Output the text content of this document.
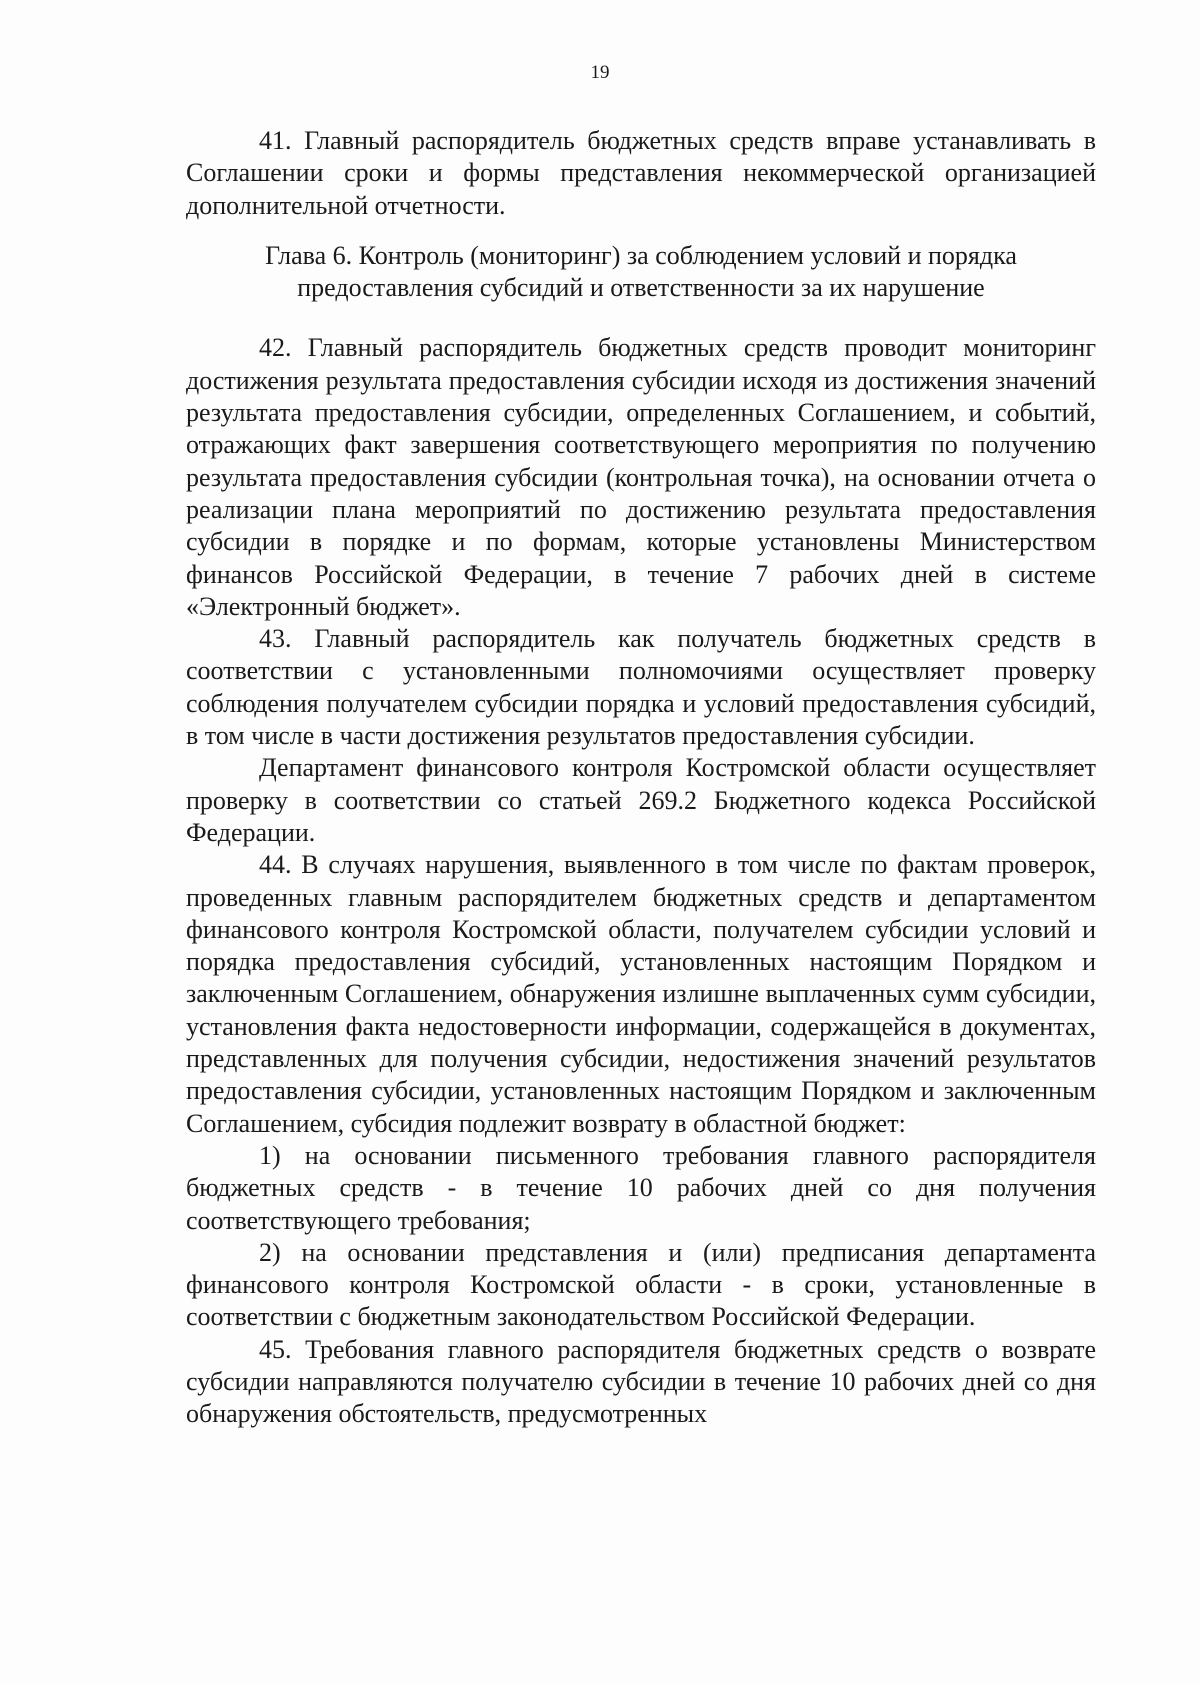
19

41. Главный распорядитель бюджетных средств вправе устанавливать в Соглашении сроки и формы представления некоммерческой организацией дополнительной отчетности.

Глава 6. Контроль (мониторинг) за соблюдением условий и порядка
предоставления субсидий и ответственности за их нарушение

42. Главный распорядитель бюджетных средств проводит мониторинг достижения результата предоставления субсидии исходя из достижения значений результата предоставления субсидии, определенных Соглашением, и событий, отражающих факт завершения соответствующего мероприятия по получению результата предоставления субсидии (контрольная точка), на основании отчета о реализации плана мероприятий по достижению результата предоставления субсидии в порядке и по формам, которые установлены Министерством финансов Российской Федерации, в течение 7 рабочих дней в системе «Электронный бюджет».

43. Главный распорядитель как получатель бюджетных средств в соответствии с установленными полномочиями осуществляет проверку соблюдения получателем субсидии порядка и условий предоставления субсидий, в том числе в части достижения результатов предоставления субсидии.

Департамент финансового контроля Костромской области осуществляет проверку в соответствии со статьей 269.2 Бюджетного кодекса Российской Федерации.

44. В случаях нарушения, выявленного в том числе по фактам проверок, проведенных главным распорядителем бюджетных средств и департаментом финансового контроля Костромской области, получателем субсидии условий и порядка предоставления субсидий, установленных настоящим Порядком и заключенным Соглашением, обнаружения излишне выплаченных сумм субсидии, установления факта недостоверности информации, содержащейся в документах, представленных для получения субсидии, недостижения значений результатов предоставления субсидии, установленных настоящим Порядком и заключенным Соглашением, субсидия подлежит возврату в областной бюджет:

1) на основании письменного требования главного распорядителя бюджетных средств - в течение 10 рабочих дней со дня получения соответствующего требования;

2) на основании представления и (или) предписания департамента финансового контроля Костромской области - в сроки, установленные в соответствии с бюджетным законодательством Российской Федерации.

45. Требования главного распорядителя бюджетных средств о возврате субсидии направляются получателю субсидии в течение 10 рабочих дней со дня обнаружения обстоятельств, предусмотренных
